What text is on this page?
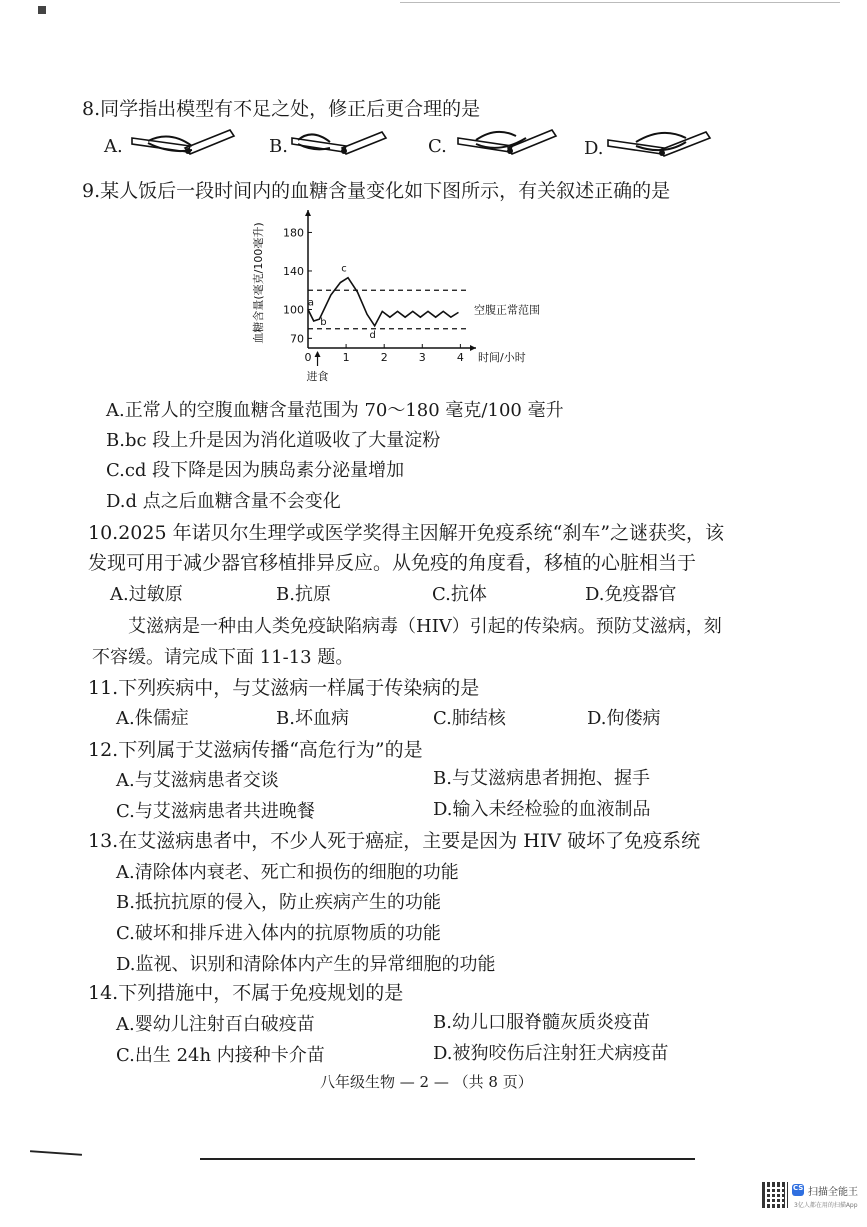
8.同学指出模型有不足之处，修正后更合理的是
A.	B.	C.	D.
9.某人饭后一段时间内的血糖含量变化如下图所示，有关叙述正确的是
70
100
140
180
0	1	2	3	4
空腹正常范围
a
b
c
d
进食
时间/小时
血糖含量(毫克/100毫升)
A.正常人的空腹血糖含量范围为 70～180 毫克/100 毫升
B.bc 段上升是因为消化道吸收了大量淀粉
C.cd 段下降是因为胰岛素分泌量增加
D.d 点之后血糖含量不会变化
10.2025 年诺贝尔生理学或医学奖得主因解开免疫系统“刹车”之谜获奖，该
发现可用于减少器官移植排异反应。从免疫的角度看，移植的心脏相当于
A.过敏原	B.抗原	C.抗体	D.免疫器官
艾滋病是一种由人类免疫缺陷病毒（HIV）引起的传染病。预防艾滋病，刻
不容缓。请完成下面 11-13 题。
11.下列疾病中，与艾滋病一样属于传染病的是
A.侏儒症	B.坏血病	C.肺结核	D.佝偻病
12.下列属于艾滋病传播“高危行为”的是
A.与艾滋病患者交谈	B.与艾滋病患者拥抱、握手
C.与艾滋病患者共进晚餐	D.输入未经检验的血液制品
13.在艾滋病患者中，不少人死于癌症，主要是因为 HIV 破坏了免疫系统
A.清除体内衰老、死亡和损伤的细胞的功能
B.抵抗抗原的侵入，防止疾病产生的功能
C.破坏和排斥进入体内的抗原物质的功能
D.监视、识别和清除体内产生的异常细胞的功能
14.下列措施中，不属于免疫规划的是
A.婴幼儿注射百白破疫苗	B.幼儿口服脊髓灰质炎疫苗
C.出生 24h 内接种卡介苗	D.被狗咬伤后注射狂犬病疫苗
八年级生物 — 2 — （共 8 页）
CS 扫描全能王
3亿人都在用的扫描App
